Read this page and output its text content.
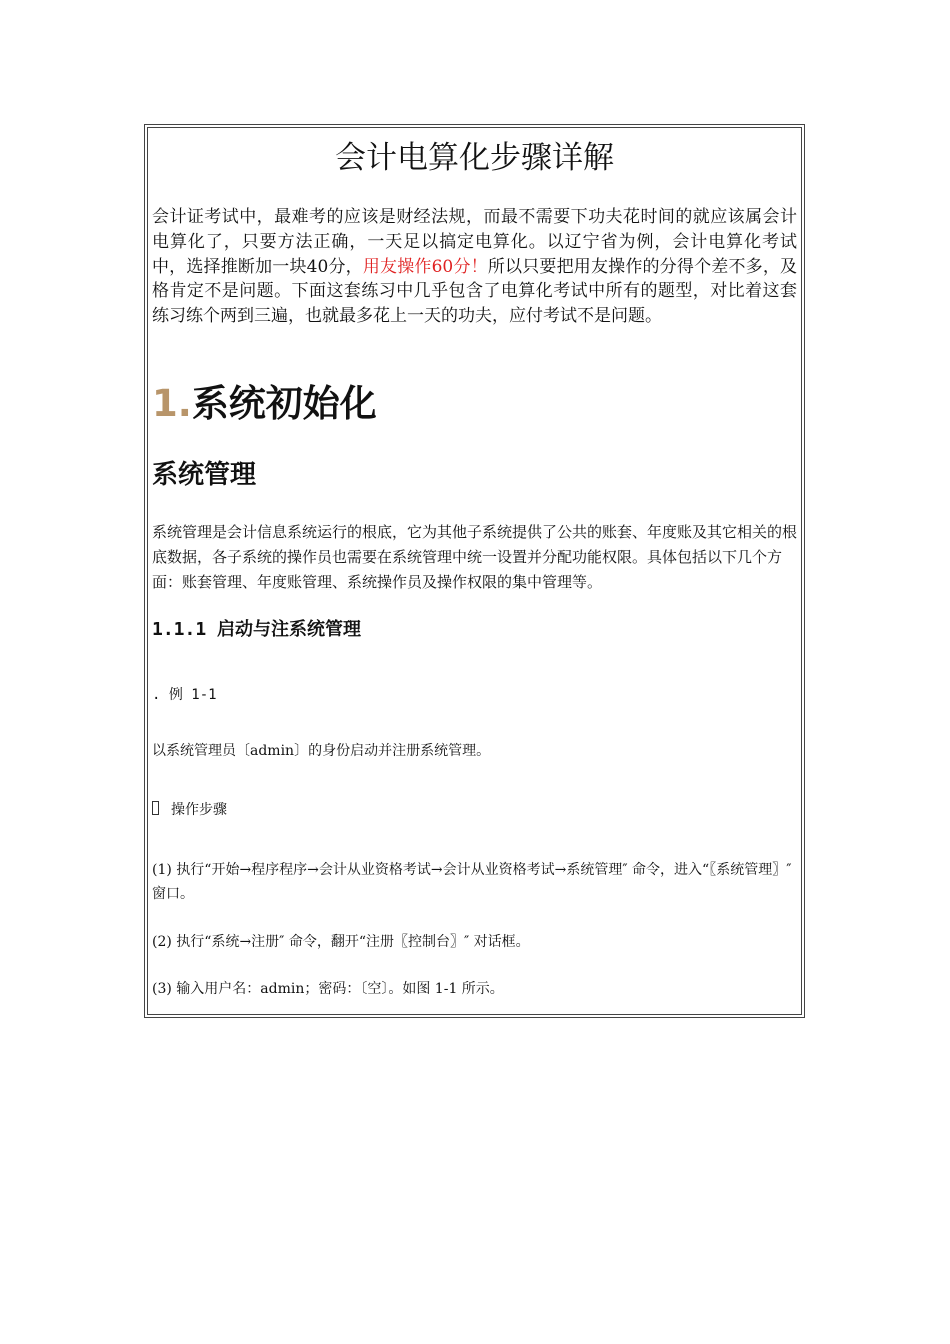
会计电算化步骤详解

会计证考试中，最难考的应该是财经法规，而最不需要下功夫花时间的就应该属会计电算化了，只要方法正确，一天足以搞定电算化。以辽宁省为例，会计电算化考试中，选择推断加一块40分，用友操作60分！所以只要把用友操作的分得个差不多，及格肯定不是问题。下面这套练习中几乎包含了电算化考试中所有的题型，对比着这套练习练个两到三遍，也就最多花上一天的功夫，应付考试不是问题。

1.系统初始化
系统管理

系统管理是会计信息系统运行的根底，它为其他子系统提供了公共的账套、年度账及其它相关的根底数据，各子系统的操作员也需要在系统管理中统一设置并分配功能权限。具体包括以下几个方面：账套管理、年度账管理、系统操作员及操作权限的集中管理等。

1.1.1 启动与注系统管理

. 例 1-1

以系统管理员〔admin〕的身份启动并注册系统管理。

操作步骤

(1) 执行“开始→程序程序→会计从业资格考试→会计从业资格考试→系统管理″ 命令，进入“〖系统管理〗″ 窗口。

(2) 执行“系统→注册″ 命令，翻开“注册〖控制台〗″ 对话框。

(3) 输入用户名：admin；密码：〔空〕。如图 1-1 所示。
